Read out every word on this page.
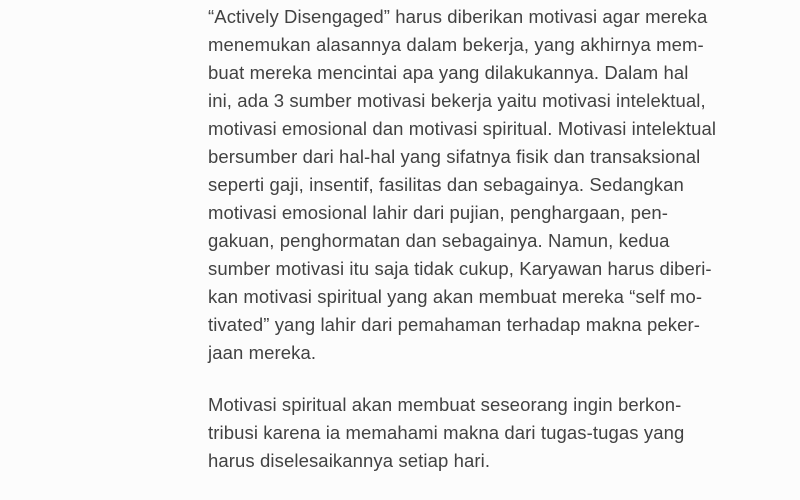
“Actively Disengaged” harus diberikan motivasi agar mereka
menemukan alasannya dalam bekerja, yang akhirnya mem-
buat mereka mencintai apa yang dilakukannya. Dalam hal
ini, ada 3 sumber motivasi bekerja yaitu motivasi intelektual,
motivasi emosional dan motivasi spiritual. Motivasi intelektual
bersumber dari hal-hal yang sifatnya fisik dan transaksional
seperti gaji, insentif, fasilitas dan sebagainya. Sedangkan
motivasi emosional lahir dari pujian, penghargaan, pen-
gakuan, penghormatan dan sebagainya. Namun, kedua
sumber motivasi itu saja tidak cukup, Karyawan harus diberi-
kan motivasi spiritual yang akan membuat mereka “self mo-
tivated” yang lahir dari pemahaman terhadap makna peker-
jaan mereka.
Motivasi spiritual akan membuat seseorang ingin berkon-
tribusi karena ia memahami makna dari tugas-tugas yang
harus diselesaikannya setiap hari.
